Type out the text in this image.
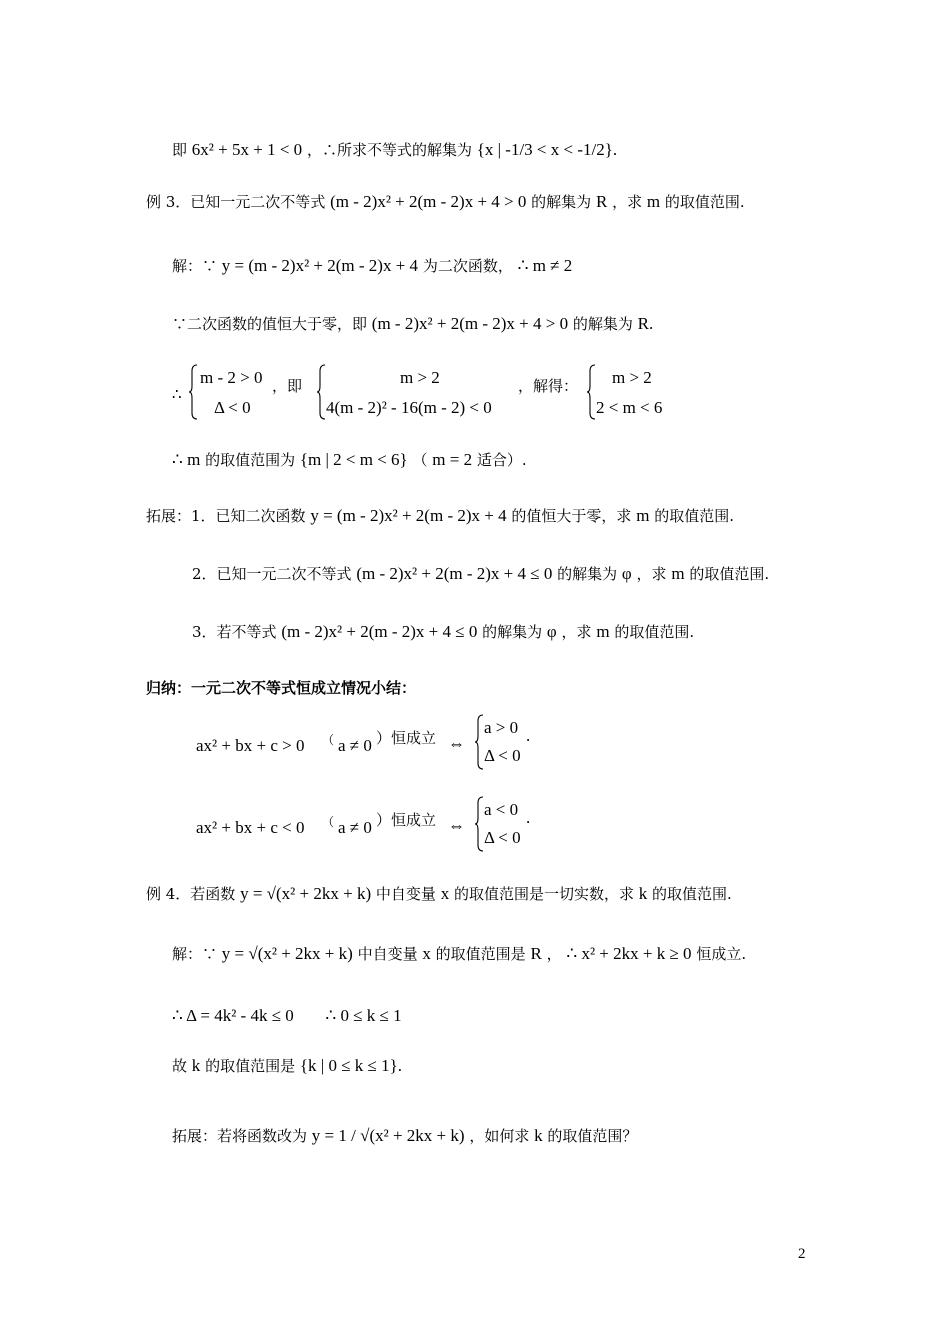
即 6x² + 5x + 1 < 0 ，∴所求不等式的解集为 {x | -1/3 < x < -1/2}.
例 3．已知一元二次不等式 (m - 2)x² + 2(m - 2)x + 4 > 0 的解集为 R ，求 m 的取值范围.
解：∵ y = (m - 2)x² + 2(m - 2)x + 4 为二次函数， ∴ m ≠ 2
∵二次函数的值恒大于零，即 (m - 2)x² + 2(m - 2)x + 4 > 0 的解集为 R.
∴
m - 2 > 0
Δ < 0
，即	m > 2
4(m - 2)² - 16(m - 2) < 0
，解得： m > 2
2 < m < 6
∴ m 的取值范围为 {m | 2 < m < 6} （ m = 2 适合）.
拓展：1．已知二次函数 y = (m - 2)x² + 2(m - 2)x + 4 的值恒大于零，求 m 的取值范围.
2．已知一元二次不等式 (m - 2)x² + 2(m - 2)x + 4 ≤ 0 的解集为 φ ，求 m 的取值范围.
3．若不等式 (m - 2)x² + 2(m - 2)x + 4 ≤ 0 的解集为 φ ，求 m 的取值范围.
归纳：一元二次不等式恒成立情况小结：
ax² + bx + c > 0 （ a ≠ 0 ）恒成立 ⇔
a > 0
Δ < 0
.
ax² + bx + c < 0 （ a ≠ 0 ）恒成立 ⇔
a < 0
Δ < 0
.
例 4．若函数 y = √(x² + 2kx + k) 中自变量 x 的取值范围是一切实数，求 k 的取值范围.
解：∵ y = √(x² + 2kx + k) 中自变量 x 的取值范围是 R ， ∴ x² + 2kx + k ≥ 0 恒成立.
∴ Δ = 4k² - 4k ≤ 0 ∴ 0 ≤ k ≤ 1
故 k 的取值范围是 {k | 0 ≤ k ≤ 1}.
拓展：若将函数改为 y = 1 / √(x² + 2kx + k) ，如何求 k 的取值范围？
2
